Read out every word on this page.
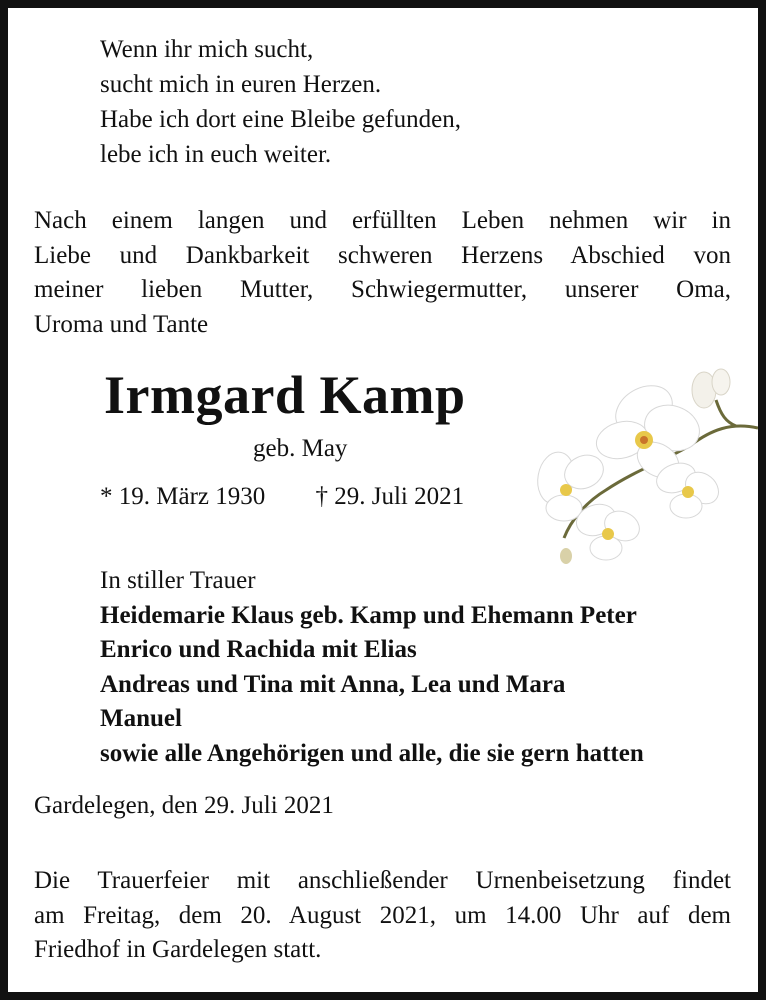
Wenn ihr mich sucht,
sucht mich in euren Herzen.
Habe ich dort eine Bleibe gefunden,
lebe ich in euch weiter.
Nach einem langen und erfüllten Leben nehmen wir in
Liebe und Dankbarkeit schweren Herzens Abschied von
meiner lieben Mutter, Schwiegermutter, unserer Oma,
Uroma und Tante
Irmgard Kamp
geb. May
* 19. März 1930 † 29. Juli 2021
In stiller Trauer
Heidemarie Klaus geb. Kamp und Ehemann Peter
Enrico und Rachida mit Elias
Andreas und Tina mit Anna, Lea und Mara
Manuel
sowie alle Angehörigen und alle, die sie gern hatten
Gardelegen, den 29. Juli 2021
Die Trauerfeier mit anschließender Urnenbeisetzung findet
am Freitag, dem 20. August 2021, um 14.00 Uhr auf dem
Friedhof in Gardelegen statt.
